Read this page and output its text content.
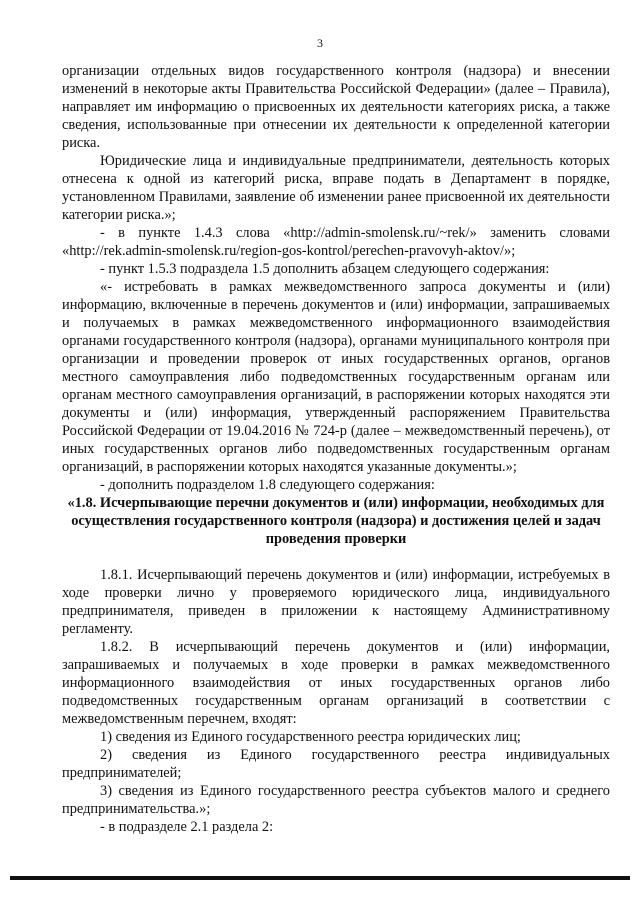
3

организации отдельных видов государственного контроля (надзора) и внесении изменений в некоторые акты Правительства Российской Федерации» (далее – Правила), направляет им информацию о присвоенных их деятельности категориях риска, а также сведения, использованные при отнесении их деятельности к определенной категории риска.

Юридические лица и индивидуальные предприниматели, деятельность которых отнесена к одной из категорий риска, вправе подать в Департамент в порядке, установленном Правилами, заявление об изменении ранее присвоенной их деятельности категории риска.»;

- в пункте 1.4.3 слова «http://admin-smolensk.ru/~rek/» заменить словами «http://rek.admin-smolensk.ru/region-gos-kontrol/perechen-pravovyh-aktov/»;

- пункт 1.5.3 подраздела 1.5 дополнить абзацем следующего содержания:

«- истребовать в рамках межведомственного запроса документы и (или) информацию, включенные в перечень документов и (или) информации, запрашиваемых и получаемых в рамках межведомственного информационного взаимодействия органами государственного контроля (надзора), органами муниципального контроля при организации и проведении проверок от иных государственных органов, органов местного самоуправления либо подведомственных государственным органам или органам местного самоуправления организаций, в распоряжении которых находятся эти документы и (или) информация, утвержденный распоряжением Правительства Российской Федерации от 19.04.2016 № 724-р (далее – межведомственный перечень), от иных государственных органов либо подведомственных государственным органам организаций, в распоряжении которых находятся указанные документы.»;

- дополнить подразделом 1.8 следующего содержания:

«1.8. Исчерпывающие перечни документов и (или) информации, необходимых для осуществления государственного контроля (надзора) и достижения целей и задач проведения проверки

1.8.1. Исчерпывающий перечень документов и (или) информации, истребуемых в ходе проверки лично у проверяемого юридического лица, индивидуального предпринимателя, приведен в приложении к настоящему Административному регламенту.

1.8.2. В исчерпывающий перечень документов и (или) информации, запрашиваемых и получаемых в ходе проверки в рамках межведомственного информационного взаимодействия от иных государственных органов либо подведомственных государственным органам организаций в соответствии с межведомственным перечнем, входят:

1) сведения из Единого государственного реестра юридических лиц;

2) сведения из Единого государственного реестра индивидуальных предпринимателей;

3) сведения из Единого государственного реестра субъектов малого и среднего предпринимательства.»;

- в подразделе 2.1 раздела 2:
